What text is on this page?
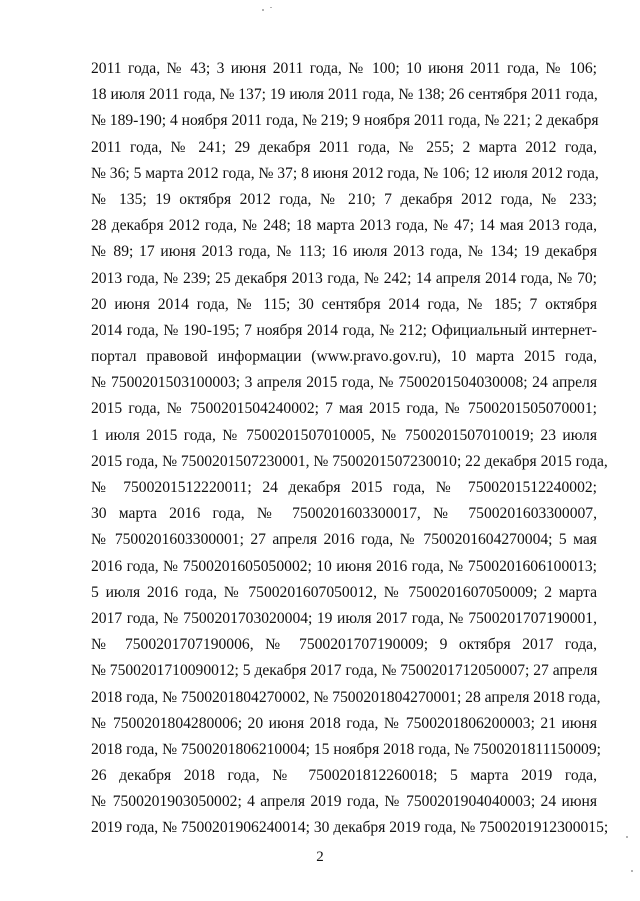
2011 года, № 43; 3 июня 2011 года, № 100; 10 июня 2011 года, № 106;
18 июля 2011 года, № 137; 19 июля 2011 года, № 138; 26 сентября 2011 года,
№ 189-190; 4 ноября 2011 года, № 219; 9 ноября 2011 года, № 221; 2 декабря
2011 года, № 241; 29 декабря 2011 года, № 255; 2 марта 2012 года,
№ 36; 5 марта 2012 года, № 37; 8 июня 2012 года, № 106; 12 июля 2012 года,
№ 135; 19 октября 2012 года, № 210; 7 декабря 2012 года, № 233;
28 декабря 2012 года, № 248; 18 марта 2013 года, № 47; 14 мая 2013 года,
№ 89; 17 июня 2013 года, № 113; 16 июля 2013 года, № 134; 19 декабря
2013 года, № 239; 25 декабря 2013 года, № 242; 14 апреля 2014 года, № 70;
20 июня 2014 года, № 115; 30 сентября 2014 года, № 185; 7 октября
2014 года, № 190-195; 7 ноября 2014 года, № 212; Официальный интернет-
портал правовой информации (www.pravo.gov.ru), 10 марта 2015 года,
№ 7500201503100003; 3 апреля 2015 года, № 7500201504030008; 24 апреля
2015 года, № 7500201504240002; 7 мая 2015 года, № 7500201505070001;
1 июля 2015 года, № 7500201507010005, № 7500201507010019; 23 июля
2015 года, № 7500201507230001, № 7500201507230010; 22 декабря 2015 года,
№ 7500201512220011; 24 декабря 2015 года, № 7500201512240002;
30 марта 2016 года, № 7500201603300017, № 7500201603300007,
№ 7500201603300001; 27 апреля 2016 года, № 7500201604270004; 5 мая
2016 года, № 7500201605050002; 10 июня 2016 года, № 7500201606100013;
5 июля 2016 года, № 7500201607050012, № 7500201607050009; 2 марта
2017 года, № 7500201703020004; 19 июля 2017 года, № 7500201707190001,
№ 7500201707190006, № 7500201707190009; 9 октября 2017 года,
№ 7500201710090012; 5 декабря 2017 года, № 7500201712050007; 27 апреля
2018 года, № 7500201804270002, № 7500201804270001; 28 апреля 2018 года,
№ 7500201804280006; 20 июня 2018 года, № 7500201806200003; 21 июня
2018 года, № 7500201806210004; 15 ноября 2018 года, № 7500201811150009;
26 декабря 2018 года, № 7500201812260018; 5 марта 2019 года,
№ 7500201903050002; 4 апреля 2019 года, № 7500201904040003; 24 июня
2019 года, № 7500201906240014; 30 декабря 2019 года, № 7500201912300015;
2
